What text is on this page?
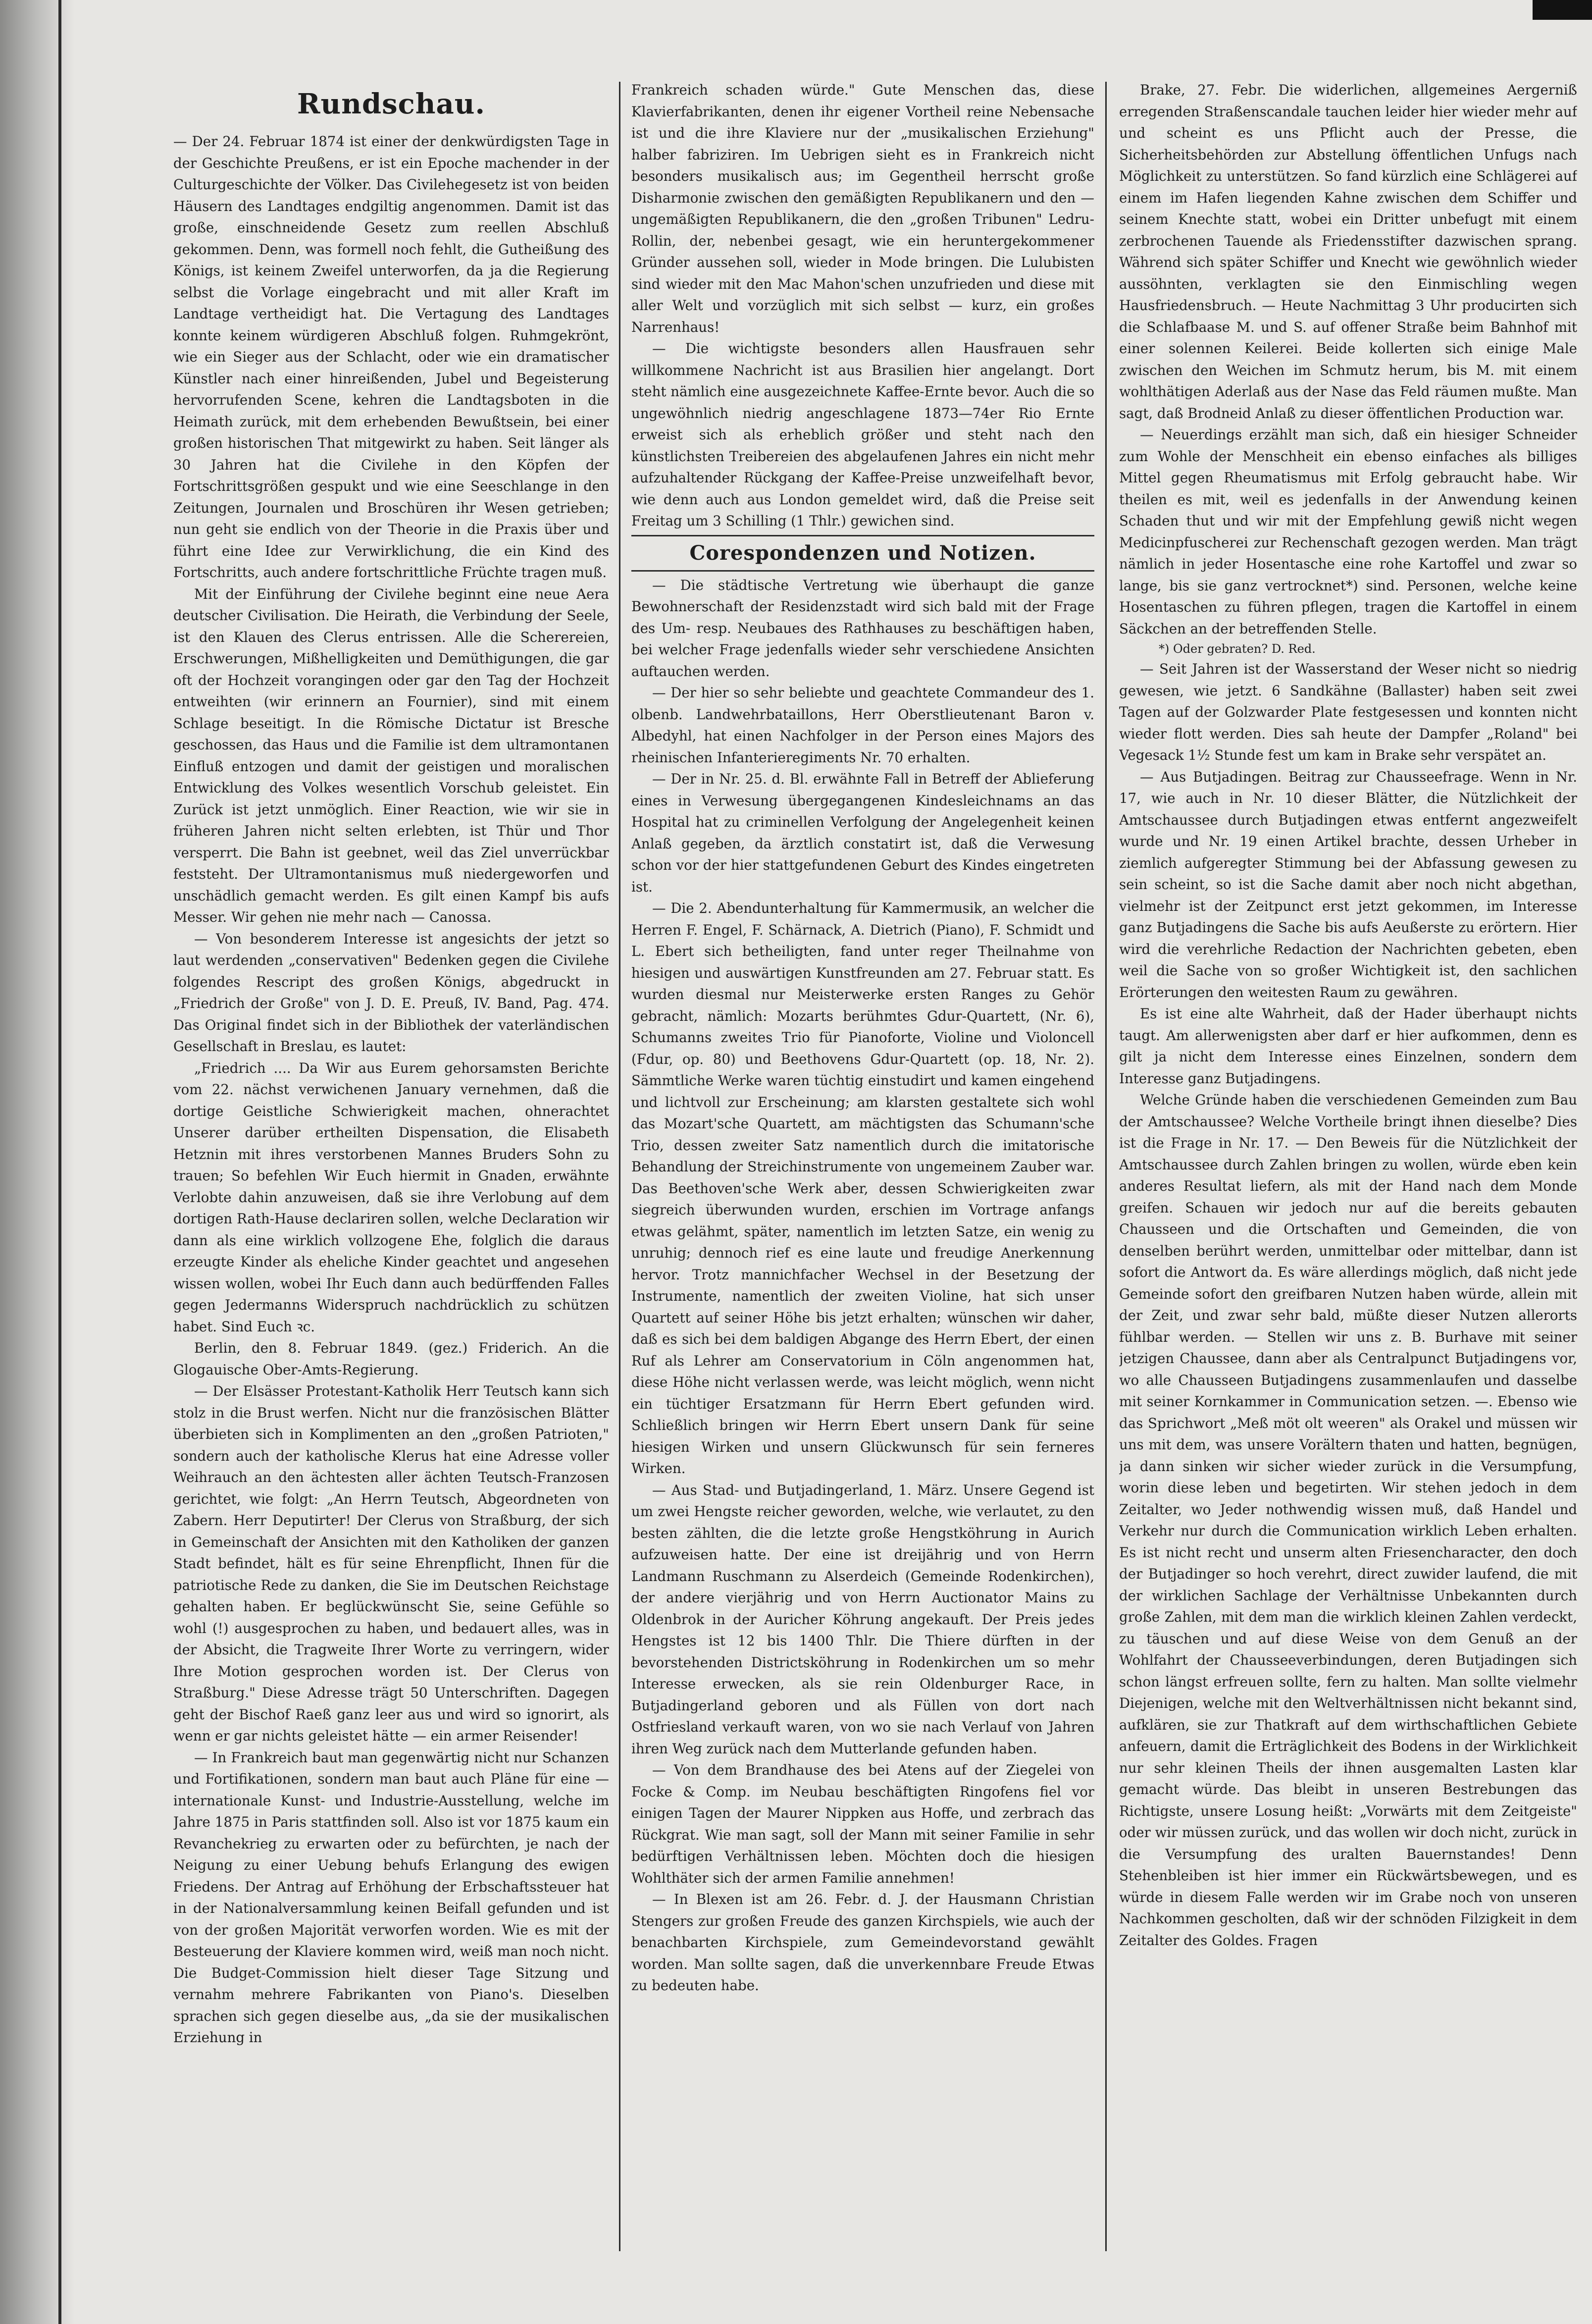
Rundschau.

— Der 24. Februar 1874 ist einer der denkwürdigsten Tage in der Geschichte Preußens, er ist ein Epoche machender in der Culturgeschichte der Völker. Das Civilehegesetz ist von beiden Häusern des Landtages endgiltig angenommen. Damit ist das große, einschneidende Gesetz zum reellen Abschluß gekommen. Denn, was formell noch fehlt, die Gutheißung des Königs, ist keinem Zweifel unterworfen, da ja die Regierung selbst die Vorlage eingebracht und mit aller Kraft im Landtage vertheidigt hat. Die Vertagung des Landtages konnte keinem würdigeren Abschluß folgen. Ruhmgekrönt, wie ein Sieger aus der Schlacht, oder wie ein dramatischer Künstler nach einer hinreißenden, Jubel und Begeisterung hervorrufenden Scene, kehren die Landtagsboten in die Heimath zurück, mit dem erhebenden Bewußtsein, bei einer großen historischen That mitgewirkt zu haben. Seit länger als 30 Jahren hat die Civilehe in den Köpfen der Fortschrittsgrößen gespukt und wie eine Seeschlange in den Zeitungen, Journalen und Broschüren ihr Wesen getrieben; nun geht sie endlich von der Theorie in die Praxis über und führt eine Idee zur Verwirklichung, die ein Kind des Fortschritts, auch andere fortschrittliche Früchte tragen muß.

Mit der Einführung der Civilehe beginnt eine neue Aera deutscher Civilisation. Die Heirath, die Verbindung der Seele, ist den Klauen des Clerus entrissen. Alle die Scherereien, Erschwerungen, Mißhelligkeiten und Demüthigungen, die gar oft der Hochzeit vorangingen oder gar den Tag der Hochzeit entweihten (wir erinnern an Fournier), sind mit einem Schlage beseitigt. In die Römische Dictatur ist Bresche geschossen, das Haus und die Familie ist dem ultramontanen Einfluß entzogen und damit der geistigen und moralischen Entwicklung des Volkes wesentlich Vorschub geleistet. Ein Zurück ist jetzt unmöglich. Einer Reaction, wie wir sie in früheren Jahren nicht selten erlebten, ist Thür und Thor versperrt. Die Bahn ist geebnet, weil das Ziel unverrückbar feststeht. Der Ultramontanismus muß niedergeworfen und unschädlich gemacht werden. Es gilt einen Kampf bis aufs Messer. Wir gehen nie mehr nach — Canossa.

— Von besonderem Interesse ist angesichts der jetzt so laut werdenden „conservativen" Bedenken gegen die Civilehe folgendes Rescript des großen Königs, abgedruckt in „Friedrich der Große" von J. D. E. Preuß, IV. Band, Pag. 474. Das Original findet sich in der Bibliothek der vaterländischen Gesellschaft in Breslau, es lautet:

„Friedrich .... Da Wir aus Eurem gehorsamsten Berichte vom 22. nächst verwichenen January vernehmen, daß die dortige Geistliche Schwierigkeit machen, ohnerachtet Unserer darüber ertheilten Dispensation, die Elisabeth Hetznin mit ihres verstorbenen Mannes Bruders Sohn zu trauen; So befehlen Wir Euch hiermit in Gnaden, erwähnte Verlobte dahin anzuweisen, daß sie ihre Verlobung auf dem dortigen Rath-Hause declariren sollen, welche Declaration wir dann als eine wirklich vollzogene Ehe, folglich die daraus erzeugte Kinder als eheliche Kinder geachtet und angesehen wissen wollen, wobei Ihr Euch dann auch bedürffenden Falles gegen Jedermanns Widerspruch nachdrücklich zu schützen habet. Sind Euch ꝛc.

Berlin, den 8. Februar 1849. (gez.) Friderich. An die Glogauische Ober-Amts-Regierung.

— Der Elsässer Protestant-Katholik Herr Teutsch kann sich stolz in die Brust werfen. Nicht nur die französischen Blätter überbieten sich in Komplimenten an den „großen Patrioten," sondern auch der katholische Klerus hat eine Adresse voller Weihrauch an den ächtesten aller ächten Teutsch-Franzosen gerichtet, wie folgt: „An Herrn Teutsch, Abgeordneten von Zabern. Herr Deputirter! Der Clerus von Straßburg, der sich in Gemeinschaft der Ansichten mit den Katholiken der ganzen Stadt befindet, hält es für seine Ehrenpflicht, Ihnen für die patriotische Rede zu danken, die Sie im Deutschen Reichstage gehalten haben. Er beglückwünscht Sie, seine Gefühle so wohl (!) ausgesprochen zu haben, und bedauert alles, was in der Absicht, die Tragweite Ihrer Worte zu verringern, wider Ihre Motion gesprochen worden ist. Der Clerus von Straßburg." Diese Adresse trägt 50 Unterschriften. Dagegen geht der Bischof Raeß ganz leer aus und wird so ignorirt, als wenn er gar nichts geleistet hätte — ein armer Reisender!

— In Frankreich baut man gegenwärtig nicht nur Schanzen und Fortifikationen, sondern man baut auch Pläne für eine — internationale Kunst- und Industrie-Ausstellung, welche im Jahre 1875 in Paris stattfinden soll. Also ist vor 1875 kaum ein Revanchekrieg zu erwarten oder zu befürchten, je nach der Neigung zu einer Uebung behufs Erlangung des ewigen Friedens. Der Antrag auf Erhöhung der Erbschaftssteuer hat in der Nationalversammlung keinen Beifall gefunden und ist von der großen Majorität verworfen worden. Wie es mit der Besteuerung der Klaviere kommen wird, weiß man noch nicht. Die Budget-Commission hielt dieser Tage Sitzung und vernahm mehrere Fabrikanten von Piano's. Dieselben sprachen sich gegen dieselbe aus, „da sie der musikalischen Erziehung in

Frankreich schaden würde." Gute Menschen das, diese Klavierfabrikanten, denen ihr eigener Vortheil reine Nebensache ist und die ihre Klaviere nur der „musikalischen Erziehung" halber fabriziren. Im Uebrigen sieht es in Frankreich nicht besonders musikalisch aus; im Gegentheil herrscht große Disharmonie zwischen den gemäßigten Republikanern und den — ungemäßigten Republikanern, die den „großen Tribunen" Ledru-Rollin, der, nebenbei gesagt, wie ein heruntergekommener Gründer aussehen soll, wieder in Mode bringen. Die Lulubisten sind wieder mit den Mac Mahon'schen unzufrieden und diese mit aller Welt und vorzüglich mit sich selbst — kurz, ein großes Narrenhaus!

— Die wichtigste besonders allen Hausfrauen sehr willkommene Nachricht ist aus Brasilien hier angelangt. Dort steht nämlich eine ausgezeichnete Kaffee-Ernte bevor. Auch die so ungewöhnlich niedrig angeschlagene 1873—74er Rio Ernte erweist sich als erheblich größer und steht nach den künstlichsten Treibereien des abgelaufenen Jahres ein nicht mehr aufzuhaltender Rückgang der Kaffee-Preise unzweifelhaft bevor, wie denn auch aus London gemeldet wird, daß die Preise seit Freitag um 3 Schilling (1 Thlr.) gewichen sind.

Corespondenzen und Notizen.

— Die städtische Vertretung wie überhaupt die ganze Bewohnerschaft der Residenzstadt wird sich bald mit der Frage des Um- resp. Neubaues des Rathhauses zu beschäftigen haben, bei welcher Frage jedenfalls wieder sehr verschiedene Ansichten auftauchen werden.

— Der hier so sehr beliebte und geachtete Commandeur des 1. olbenb. Landwehrbataillons, Herr Oberstlieutenant Baron v. Albedyhl, hat einen Nachfolger in der Person eines Majors des rheinischen Infanterieregiments Nr. 70 erhalten.

— Der in Nr. 25. d. Bl. erwähnte Fall in Betreff der Ablieferung eines in Verwesung übergegangenen Kindesleichnams an das Hospital hat zu criminellen Verfolgung der Angelegenheit keinen Anlaß gegeben, da ärztlich constatirt ist, daß die Verwesung schon vor der hier stattgefundenen Geburt des Kindes eingetreten ist.

— Die 2. Abendunterhaltung für Kammermusik, an welcher die Herren F. Engel, F. Schärnack, A. Dietrich (Piano), F. Schmidt und L. Ebert sich betheiligten, fand unter reger Theilnahme von hiesigen und auswärtigen Kunstfreunden am 27. Februar statt. Es wurden diesmal nur Meisterwerke ersten Ranges zu Gehör gebracht, nämlich: Mozarts berühmtes Gdur-Quartett, (Nr. 6), Schumanns zweites Trio für Pianoforte, Violine und Violoncell (Fdur, op. 80) und Beethovens Gdur-Quartett (op. 18, Nr. 2). Sämmtliche Werke waren tüchtig einstudirt und kamen eingehend und lichtvoll zur Erscheinung; am klarsten gestaltete sich wohl das Mozart'sche Quartett, am mächtigsten das Schumann'sche Trio, dessen zweiter Satz namentlich durch die imitatorische Behandlung der Streichinstrumente von ungemeinem Zauber war. Das Beethoven'sche Werk aber, dessen Schwierigkeiten zwar siegreich überwunden wurden, erschien im Vortrage anfangs etwas gelähmt, später, namentlich im letzten Satze, ein wenig zu unruhig; dennoch rief es eine laute und freudige Anerkennung hervor. Trotz mannichfacher Wechsel in der Besetzung der Instrumente, namentlich der zweiten Violine, hat sich unser Quartett auf seiner Höhe bis jetzt erhalten; wünschen wir daher, daß es sich bei dem baldigen Abgange des Herrn Ebert, der einen Ruf als Lehrer am Conservatorium in Cöln angenommen hat, diese Höhe nicht verlassen werde, was leicht möglich, wenn nicht ein tüchtiger Ersatzmann für Herrn Ebert gefunden wird. Schließlich bringen wir Herrn Ebert unsern Dank für seine hiesigen Wirken und unsern Glückwunsch für sein ferneres Wirken.

— Aus Stad- und Butjadingerland, 1. März. Unsere Gegend ist um zwei Hengste reicher geworden, welche, wie verlautet, zu den besten zählten, die die letzte große Hengstköhrung in Aurich aufzuweisen hatte. Der eine ist dreijährig und von Herrn Landmann Ruschmann zu Alserdeich (Gemeinde Rodenkirchen), der andere vierjährig und von Herrn Auctionator Mains zu Oldenbrok in der Auricher Köhrung angekauft. Der Preis jedes Hengstes ist 12 bis 1400 Thlr. Die Thiere dürften in der bevorstehenden Districtsköhrung in Rodenkirchen um so mehr Interesse erwecken, als sie rein Oldenburger Race, in Butjadingerland geboren und als Füllen von dort nach Ostfriesland verkauft waren, von wo sie nach Verlauf von Jahren ihren Weg zurück nach dem Mutterlande gefunden haben.

— Von dem Brandhause des bei Atens auf der Ziegelei von Focke & Comp. im Neubau beschäftigten Ringofens fiel vor einigen Tagen der Maurer Nippken aus Hoffe, und zerbrach das Rückgrat. Wie man sagt, soll der Mann mit seiner Familie in sehr bedürftigen Verhältnissen leben. Möchten doch die hiesigen Wohlthäter sich der armen Familie annehmen!

— In Blexen ist am 26. Febr. d. J. der Hausmann Christian Stengers zur großen Freude des ganzen Kirchspiels, wie auch der benachbarten Kirchspiele, zum Gemeindevorstand gewählt worden. Man sollte sagen, daß die unverkennbare Freude Etwas zu bedeuten habe.

Brake, 27. Febr. Die widerlichen, allgemeines Aergerniß erregenden Straßenscandale tauchen leider hier wieder mehr auf und scheint es uns Pflicht auch der Presse, die Sicherheitsbehörden zur Abstellung öffentlichen Unfugs nach Möglichkeit zu unterstützen. So fand kürzlich eine Schlägerei auf einem im Hafen liegenden Kahne zwischen dem Schiffer und seinem Knechte statt, wobei ein Dritter unbefugt mit einem zerbrochenen Tauende als Friedensstifter dazwischen sprang. Während sich später Schiffer und Knecht wie gewöhnlich wieder aussöhnten, verklagten sie den Einmischling wegen Hausfriedensbruch. — Heute Nachmittag 3 Uhr producirten sich die Schlafbaase M. und S. auf offener Straße beim Bahnhof mit einer solennen Keilerei. Beide kollerten sich einige Male zwischen den Weichen im Schmutz herum, bis M. mit einem wohlthätigen Aderlaß aus der Nase das Feld räumen mußte. Man sagt, daß Brodneid Anlaß zu dieser öffentlichen Production war.

— Neuerdings erzählt man sich, daß ein hiesiger Schneider zum Wohle der Menschheit ein ebenso einfaches als billiges Mittel gegen Rheumatismus mit Erfolg gebraucht habe. Wir theilen es mit, weil es jedenfalls in der Anwendung keinen Schaden thut und wir mit der Empfehlung gewiß nicht wegen Medicinpfuscherei zur Rechenschaft gezogen werden. Man trägt nämlich in jeder Hosentasche eine rohe Kartoffel und zwar so lange, bis sie ganz vertrocknet*) sind. Personen, welche keine Hosentaschen zu führen pflegen, tragen die Kartoffel in einem Säckchen an der betreffenden Stelle.

*) Oder gebraten? D. Red.

— Seit Jahren ist der Wasserstand der Weser nicht so niedrig gewesen, wie jetzt. 6 Sandkähne (Ballaster) haben seit zwei Tagen auf der Golzwarder Plate festgesessen und konnten nicht wieder flott werden. Dies sah heute der Dampfer „Roland" bei Vegesack 1½ Stunde fest um kam in Brake sehr verspätet an.

— Aus Butjadingen. Beitrag zur Chausseefrage. Wenn in Nr. 17, wie auch in Nr. 10 dieser Blätter, die Nützlichkeit der Amtschaussee durch Butjadingen etwas entfernt angezweifelt wurde und Nr. 19 einen Artikel brachte, dessen Urheber in ziemlich aufgeregter Stimmung bei der Abfassung gewesen zu sein scheint, so ist die Sache damit aber noch nicht abgethan, vielmehr ist der Zeitpunct erst jetzt gekommen, im Interesse ganz Butjadingens die Sache bis aufs Aeußerste zu erörtern. Hier wird die verehrliche Redaction der Nachrichten gebeten, eben weil die Sache von so großer Wichtigkeit ist, den sachlichen Erörterungen den weitesten Raum zu gewähren.

Es ist eine alte Wahrheit, daß der Hader überhaupt nichts taugt. Am allerwenigsten aber darf er hier aufkommen, denn es gilt ja nicht dem Interesse eines Einzelnen, sondern dem Interesse ganz Butjadingens.

Welche Gründe haben die verschiedenen Gemeinden zum Bau der Amtschaussee? Welche Vortheile bringt ihnen dieselbe? Dies ist die Frage in Nr. 17. — Den Beweis für die Nützlichkeit der Amtschaussee durch Zahlen bringen zu wollen, würde eben kein anderes Resultat liefern, als mit der Hand nach dem Monde greifen. Schauen wir jedoch nur auf die bereits gebauten Chausseen und die Ortschaften und Gemeinden, die von denselben berührt werden, unmittelbar oder mittelbar, dann ist sofort die Antwort da. Es wäre allerdings möglich, daß nicht jede Gemeinde sofort den greifbaren Nutzen haben würde, allein mit der Zeit, und zwar sehr bald, müßte dieser Nutzen allerorts fühlbar werden. — Stellen wir uns z. B. Burhave mit seiner jetzigen Chaussee, dann aber als Centralpunct Butjadingens vor, wo alle Chausseen Butjadingens zusammenlaufen und dasselbe mit seiner Kornkammer in Communication setzen. —. Ebenso wie das Sprichwort „Meß möt olt weeren" als Orakel und müssen wir uns mit dem, was unsere Vorältern thaten und hatten, begnügen, ja dann sinken wir sicher wieder zurück in die Versumpfung, worin diese leben und begetirten. Wir stehen jedoch in dem Zeitalter, wo Jeder nothwendig wissen muß, daß Handel und Verkehr nur durch die Communication wirklich Leben erhalten. Es ist nicht recht und unserm alten Friesencharacter, den doch der Butjadinger so hoch verehrt, direct zuwider laufend, die mit der wirklichen Sachlage der Verhältnisse Unbekannten durch große Zahlen, mit dem man die wirklich kleinen Zahlen verdeckt, zu täuschen und auf diese Weise von dem Genuß an der Wohlfahrt der Chausseeverbindungen, deren Butjadingen sich schon längst erfreuen sollte, fern zu halten. Man sollte vielmehr Diejenigen, welche mit den Weltverhältnissen nicht bekannt sind, aufklären, sie zur Thatkraft auf dem wirthschaftlichen Gebiete anfeuern, damit die Erträglichkeit des Bodens in der Wirklichkeit nur sehr kleinen Theils der ihnen ausgemalten Lasten klar gemacht würde. Das bleibt in unseren Bestrebungen das Richtigste, unsere Losung heißt: „Vorwärts mit dem Zeitgeiste" oder wir müssen zurück, und das wollen wir doch nicht, zurück in die Versumpfung des uralten Bauernstandes! Denn Stehenbleiben ist hier immer ein Rückwärtsbewegen, und es würde in diesem Falle werden wir im Grabe noch von unseren Nachkommen gescholten, daß wir der schnöden Filzigkeit in dem Zeitalter des Goldes. Fragen
